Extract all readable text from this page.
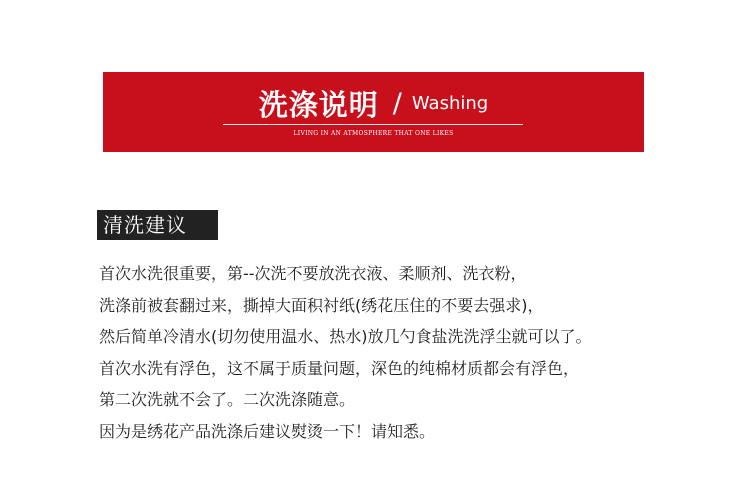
洗涤说明 / Washing
LIVING IN AN ATMOSPHERE THAT ONE LIKES
清洗建议
首次水洗很重要，第--次洗不要放洗衣液、柔顺剂、洗衣粉，
洗涤前被套翻过来，撕掉大面积衬纸(绣花压住的不要去强求)，
然后简单冷清水(切勿使用温水、热水)放几勺食盐洗洗浮尘就可以了。
首次水洗有浮色，这不属于质量问题，深色的纯棉材质都会有浮色，
第二次洗就不会了。二次洗涤随意。
因为是绣花产品洗涤后建议熨烫一下！请知悉。
